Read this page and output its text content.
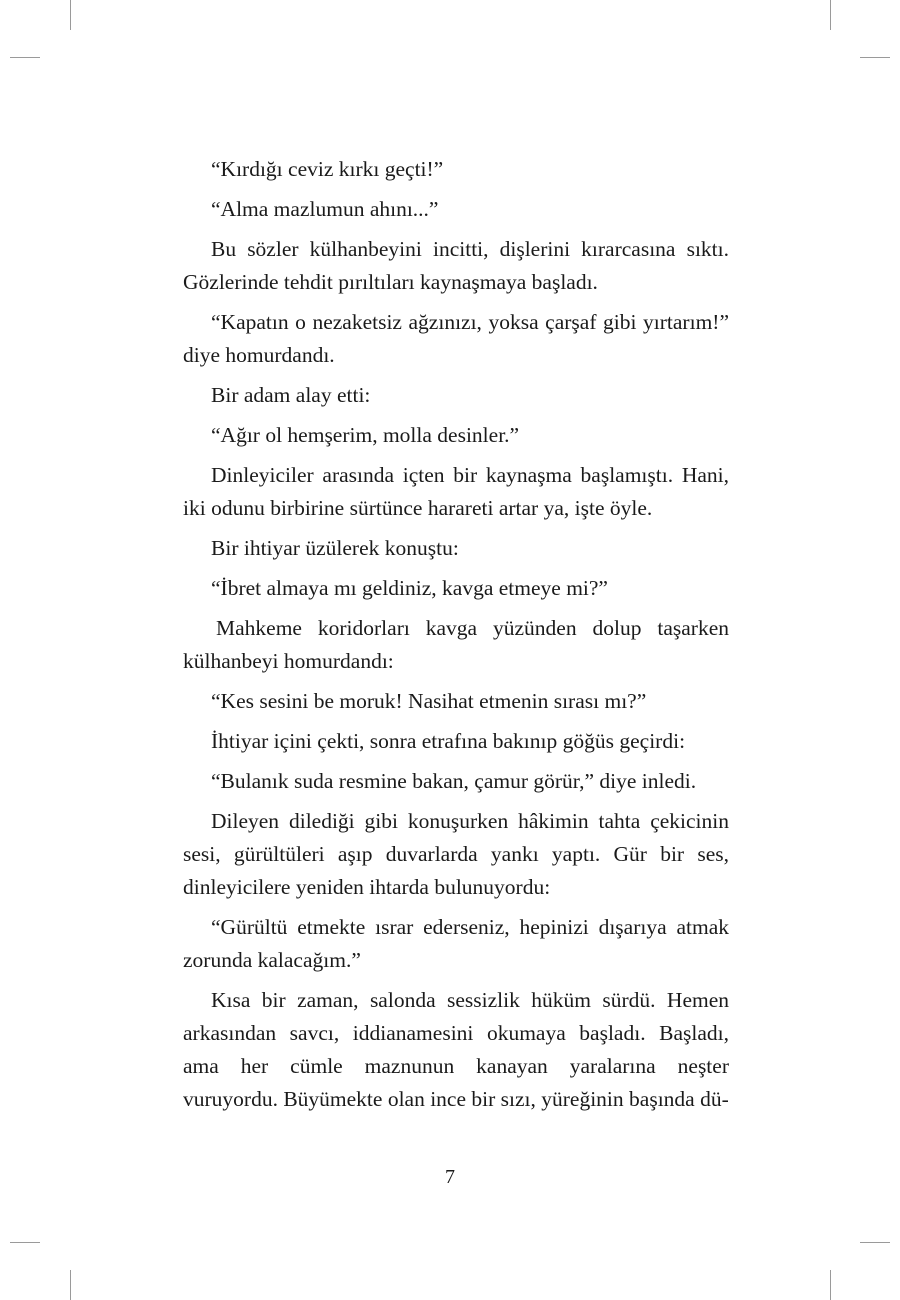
“Kırdığı ceviz kırkı geçti!”

“Alma mazlumun ahını...”

Bu sözler külhanbeyini incitti, dişlerini kırarcasına sıktı. Gözlerinde tehdit pırıltıları kaynaşmaya başladı.

“Kapatın o nezaketsiz ağzınızı, yoksa çarşaf gibi yırtarım!” diye homurdandı.

Bir adam alay etti:

“Ağır ol hemşerim, molla desinler.”

Dinleyiciler arasında içten bir kaynaşma başlamıştı. Hani, iki odunu birbirine sürtünce harareti artar ya, işte öyle.

Bir ihtiyar üzülerek konuştu:

“İbret almaya mı geldiniz, kavga etmeye mi?”

Mahkeme koridorları kavga yüzünden dolup taşarken külhanbeyi homurdandı:

“Kes sesini be moruk! Nasihat etmenin sırası mı?”

İhtiyar içini çekti, sonra etrafına bakınıp göğüs geçirdi:

“Bulanık suda resmine bakan, çamur görür,” diye inledi.

Dileyen dilediği gibi konuşurken hâkimin tahta çekicinin sesi, gürültüleri aşıp duvarlarda yankı yaptı. Gür bir ses, dinleyicilere yeniden ihtarda bulunuyordu:

“Gürültü etmekte ısrar ederseniz, hepinizi dışarıya atmak zorunda kalacağım.”

Kısa bir zaman, salonda sessizlik hüküm sürdü. Hemen arkasından savcı, iddianamesini okumaya başladı. Başladı, ama her cümle maznunun kanayan yaralarına neşter vuruyordu. Büyümekte olan ince bir sızı, yüreğinin başında dü-

7
